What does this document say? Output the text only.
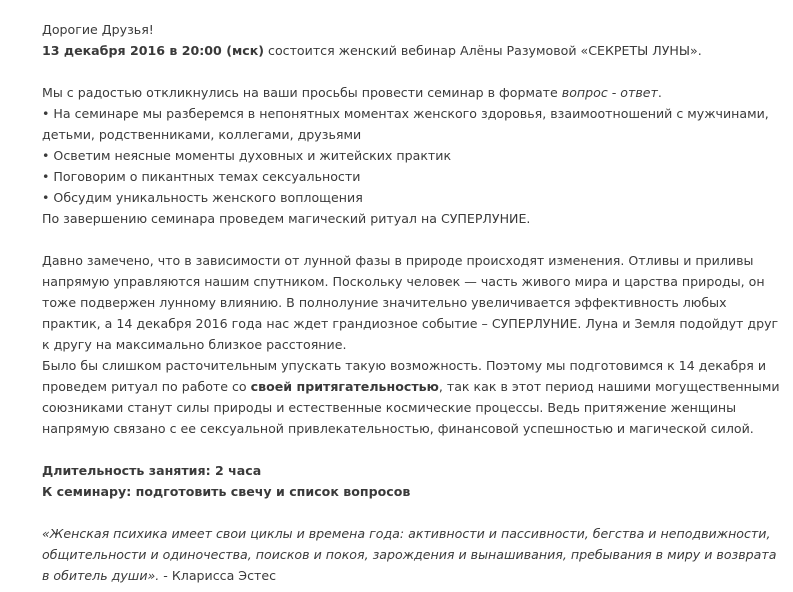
Дорогие Друзья!

13 декабря 2016 в 20:00 (мск) состоится женский вебинар Алёны Разумовой «СЕКРЕТЫ ЛУНЫ».

Мы с радостью откликнулись на ваши просьбы провести семинар в формате вопрос - ответ.

• На семинаре мы разберемся в непонятных моментах женского здоровья, взаимоотношений с мужчинами, детьми, родственниками, коллегами, друзьями

• Осветим неясные моменты духовных и житейских практик

• Поговорим о пикантных темах сексуальности

• Обсудим уникальность женского воплощения

По завершению семинара проведем магический ритуал на СУПЕРЛУНИЕ.

Давно замечено, что в зависимости от лунной фазы в природе происходят изменения. Отливы и приливы напрямую управляются нашим спутником. Поскольку человек — часть живого мира и царства природы, он тоже подвержен лунному влиянию. В полнолуние значительно увеличивается эффективность любых практик, а 14 декабря 2016 года нас ждет грандиозное событие – СУПЕРЛУНИЕ. Луна и Земля подойдут друг к другу на максимально близкое расстояние.

Было бы слишком расточительным упускать такую возможность. Поэтому мы подготовимся к 14 декабря и проведем ритуал по работе со своей притягательностью, так как в этот период нашими могущественными союзниками станут силы природы и естественные космические процессы. Ведь притяжение женщины напрямую связано с ее сексуальной привлекательностью, финансовой успешностью и магической силой.

Длительность занятия: 2 часа

К семинару: подготовить свечу и список вопросов

«Женская психика имеет свои циклы и времена года: активности и пассивности, бегства и неподвижности, общительности и одиночества, поисков и покоя, зарождения и вынашивания, пребывания в миру и возврата в обитель души». - Кларисса Эстес
